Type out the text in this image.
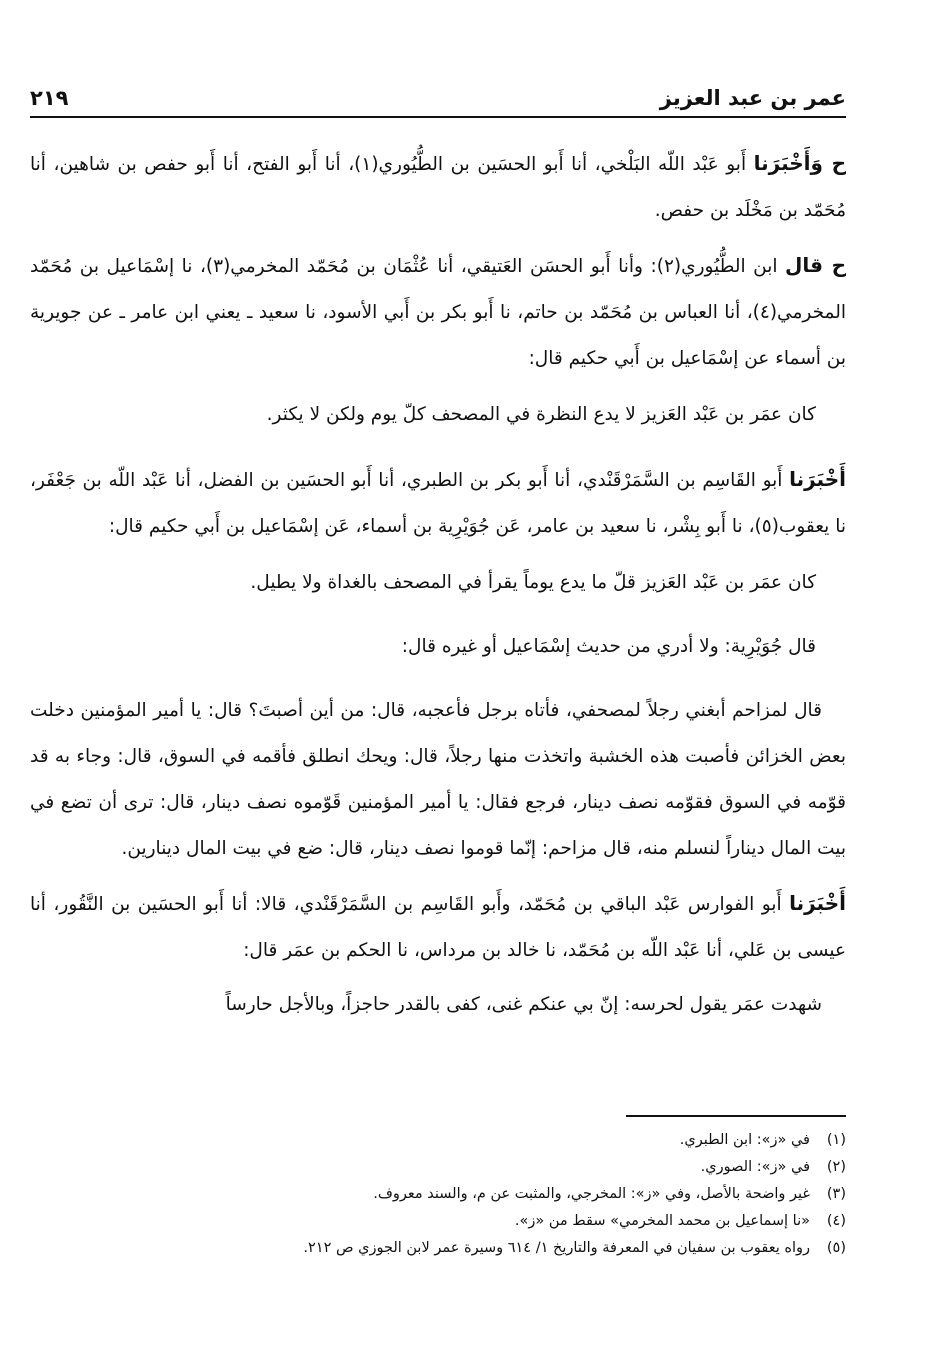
عمر بن عبد العزيز
٢١٩

ح وَأَخْبَرَنا أَبو عَبْد اللّه البَلْخي، أنا أَبو الحسَين بن الطُّيُوري(١)، أنا أَبو الفتح، أنا أَبو حفص بن شاهين، أنا مُحَمّد بن مَخْلَد بن حفص.

ح قال ابن الطُّيُوري(٢): وأنا أَبو الحسَن العَتيقي، أنا عُثْمَان بن مُحَمّد المخرمي(٣)، نا إسْمَاعيل بن مُحَمّد المخرمي(٤)، أنا العباس بن مُحَمّد بن حاتم، نا أَبو بكر بن أَبي الأسود، نا سعيد ـ يعني ابن عامر ـ عن جويرية بن أسماء عن إسْمَاعيل بن أَبي حكيم قال:

كان عمَر بن عَبْد العَزيز لا يدع النظرة في المصحف كلّ يوم ولكن لا يكثر.

أَخْبَرَنا أَبو القَاسِم بن السَّمَرْقَنْدي، أنا أَبو بكر بن الطبري، أنا أَبو الحسَين بن الفضل، أنا عَبْد اللّه بن جَعْفَر، نا يعقوب(٥)، نا أَبو بِشْر، نا سعيد بن عامر، عَن جُوَيْرِية بن أسماء، عَن إسْمَاعيل بن أَبي حكيم قال:

كان عمَر بن عَبْد العَزيز قلّ ما يدع يوماً يقرأ في المصحف بالغداة ولا يطيل.

قال جُوَيْرِية: ولا أدري من حديث إسْمَاعيل أو غيره قال:

قال لمزاحم أبغني رجلاً لمصحفي، فأتاه برجل فأعجبه، قال: من أين أصبتَ؟ قال: يا أمير المؤمنين دخلت بعض الخزائن فأصبت هذه الخشبة واتخذت منها رجلاً، قال: ويحك انطلق فأقمه في السوق، قال: وجاء به قد قوّمه في السوق فقوّمه نصف دينار، فرجع فقال: يا أمير المؤمنين قَوّموه نصف دينار، قال: ترى أن تضع في بيت المال ديناراً لنسلم منه، قال مزاحم: إنّما قوموا نصف دينار، قال: ضع في بيت المال دينارين.

أَخْبَرَنا أَبو الفوارس عَبْد الباقي بن مُحَمّد، وأَبو القَاسِم بن السَّمَرْقَنْدي، قالا: أنا أَبو الحسَين بن النَّقُور، أنا عيسى بن عَلي، أنا عَبْد اللّه بن مُحَمّد، نا خالد بن مرداس، نا الحكم بن عمَر قال:

شهدت عمَر يقول لحرسه: إنّ بي عنكم غنى، كفى بالقدر حاجزاً، وبالأجل حارساً

(١)في «ز»: ابن الطبري.
(٢)في «ز»: الصوري.
(٣)غير واضحة بالأصل، وفي «ز»: المخرجي، والمثبت عن م، والسند معروف.
(٤)«نا إسماعيل بن محمد المخرمي» سقط من «ز».
(٥)رواه يعقوب بن سفيان في المعرفة والتاريخ ١/ ٦١٤ وسيرة عمر لابن الجوزي ص ٢١٢.
